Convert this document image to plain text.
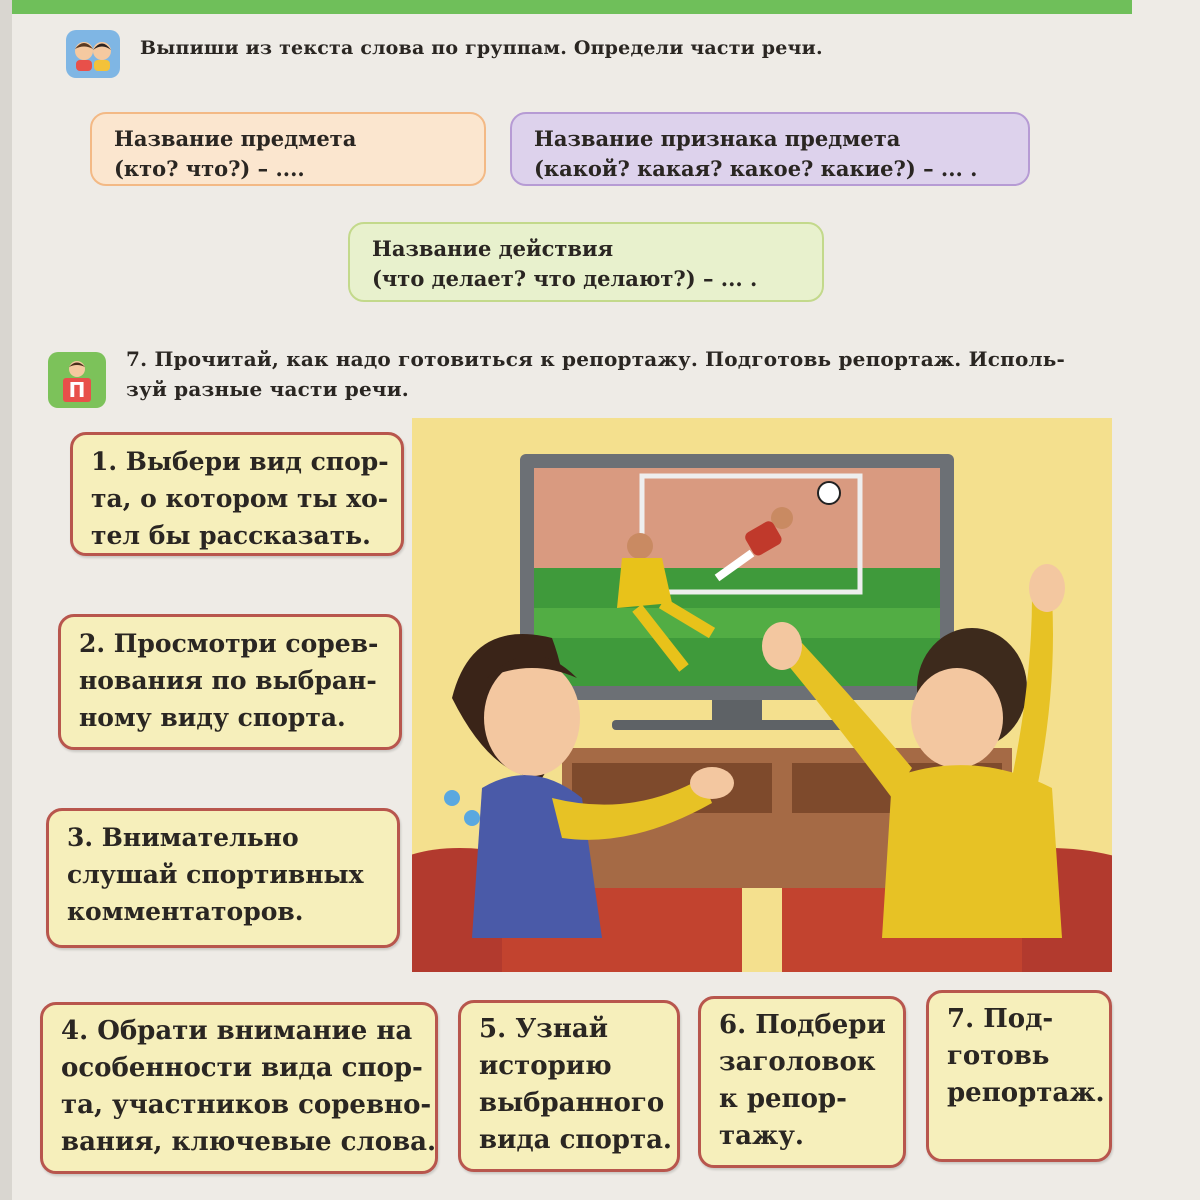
Выпиши из текста слова по группам. Определи части речи.
Название предмета
(кто? что?) – ....
Название признака предмета
(какой? какая? какое? какие?) – ... .
Название действия
(что делает? что делают?) – ... .
П
7. Прочитай, как надо готовиться к репортажу. Подготовь репортаж. Исполь-
зуй разные части речи.
1. Выбери вид спор-
та, о котором ты хо-
тел бы рассказать.
2. Просмотри сорев-
нования по выбран-
ному виду спорта.
3. Внимательно
слушай спортивных
комментаторов.
4. Обрати внимание на
особенности вида спор-
та, участников соревно-
вания, ключевые слова.
5. Узнай
историю
выбранного
вида спорта.
6. Подбери
заголовок
к репор-
тажу.
7. Под-
готовь
репортаж.
